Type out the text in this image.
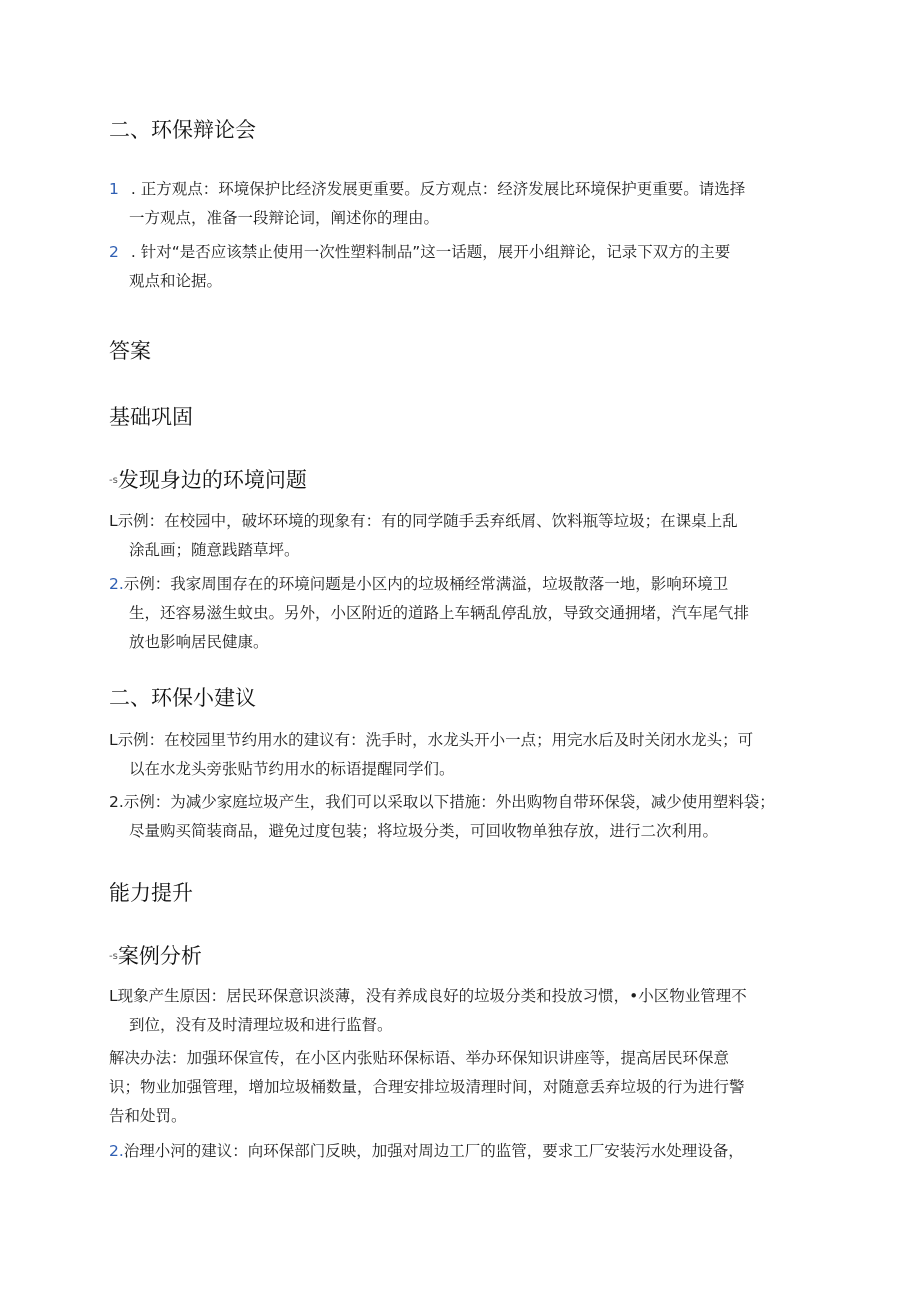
二、环保辩论会
1 . 正方观点：环境保护比经济发展更重要。反方观点：经济发展比环境保护更重要。请选择
一方观点，准备一段辩论词，阐述你的理由。
2 . 针对“是否应该禁止使用一次性塑料制品”这一话题，展开小组辩论，记录下双方的主要
观点和论据。
答案
基础巩固
-s发现身边的环境问题
L示例：在校园中，破坏环境的现象有：有的同学随手丢弃纸屑、饮料瓶等垃圾；在课桌上乱
涂乱画；随意践踏草坪。
2.示例：我家周围存在的环境问题是小区内的垃圾桶经常满溢，垃圾散落一地，影响环境卫
生，还容易滋生蚊虫。另外，小区附近的道路上车辆乱停乱放，导致交通拥堵，汽车尾气排
放也影响居民健康。
二、环保小建议
L示例：在校园里节约用水的建议有：洗手时，水龙头开小一点；用完水后及时关闭水龙头；可
以在水龙头旁张贴节约用水的标语提醒同学们。
2.示例：为减少家庭垃圾产生，我们可以采取以下措施：外出购物自带环保袋，减少使用塑料袋；
尽量购买简装商品，避免过度包装；将垃圾分类，可回收物单独存放，进行二次利用。
能力提升
-s案例分析
L现象产生原因：居民环保意识淡薄，没有养成良好的垃圾分类和投放习惯，•小区物业管理不
到位，没有及时清理垃圾和进行监督。
解决办法：加强环保宣传，在小区内张贴环保标语、举办环保知识讲座等，提高居民环保意
识；物业加强管理，增加垃圾桶数量，合理安排垃圾清理时间，对随意丢弃垃圾的行为进行警
告和处罚。
2.治理小河的建议：向环保部门反映，加强对周边工厂的监管，要求工厂安装污水处理设备，
